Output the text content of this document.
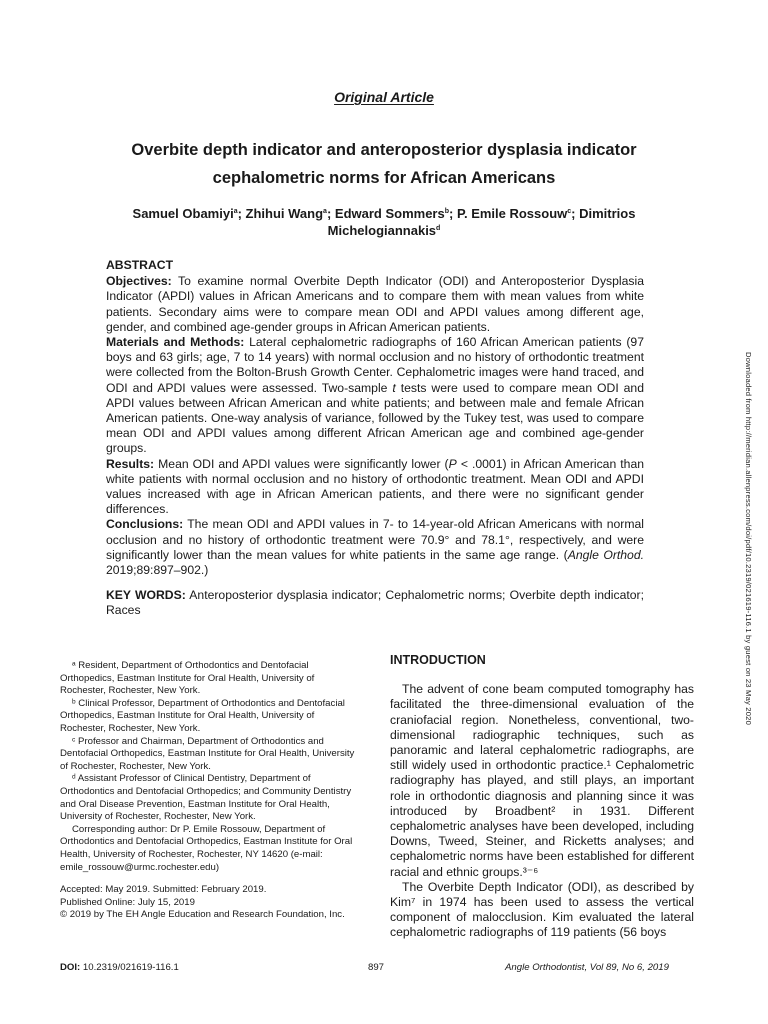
Original Article
Overbite depth indicator and anteroposterior dysplasia indicator
cephalometric norms for African Americans
Samuel Obamiyi$^a$; Zhihui Wang$^a$; Edward Sommers$^b$; P. Emile Rossouw$^c$; Dimitrios
Michelogiannakis$^d$

ABSTRACT

Objectives: To examine normal Overbite Depth Indicator (ODI) and Anteroposterior Dysplasia Indicator (APDI) values in African Americans and to compare them with mean values from white patients. Secondary aims were to compare mean ODI and APDI values among different age, gender, and combined age-gender groups in African American patients.

Materials and Methods: Lateral cephalometric radiographs of 160 African American patients (97 boys and 63 girls; age, 7 to 14 years) with normal occlusion and no history of orthodontic treatment were collected from the Bolton-Brush Growth Center. Cephalometric images were hand traced, and ODI and APDI values were assessed. Two-sample t tests were used to compare mean ODI and APDI values between African American and white patients; and between male and female African American patients. One-way analysis of variance, followed by the Tukey test, was used to compare mean ODI and APDI values among different African American age and combined age-gender groups.

Results: Mean ODI and APDI values were significantly lower (P < .0001) in African American than white patients with normal occlusion and no history of orthodontic treatment. Mean ODI and APDI values increased with age in African American patients, and there were no significant gender differences.

Conclusions: The mean ODI and APDI values in 7- to 14-year-old African Americans with normal occlusion and no history of orthodontic treatment were 70.9° and 78.1°, respectively, and were significantly lower than the mean values for white patients in the same age range. (Angle Orthod. 2019;89:897–902.)

KEY WORDS: Anteroposterior dysplasia indicator; Cephalometric norms; Overbite depth indicator; Races

ᵃ Resident, Department of Orthodontics and Dentofacial Orthopedics, Eastman Institute for Oral Health, University of Rochester, Rochester, New York.

ᵇ Clinical Professor, Department of Orthodontics and Dentofacial Orthopedics, Eastman Institute for Oral Health, University of Rochester, Rochester, New York.

ᶜ Professor and Chairman, Department of Orthodontics and Dentofacial Orthopedics, Eastman Institute for Oral Health, University of Rochester, Rochester, New York.

ᵈ Assistant Professor of Clinical Dentistry, Department of Orthodontics and Dentofacial Orthopedics; and Community Dentistry and Oral Disease Prevention, Eastman Institute for Oral Health, University of Rochester, Rochester, New York.

Corresponding author: Dr P. Emile Rossouw, Department of Orthodontics and Dentofacial Orthopedics, Eastman Institute for Oral Health, University of Rochester, Rochester, NY 14620 (e-mail: emile_rossouw@urmc.rochester.edu)

Accepted: May 2019. Submitted: February 2019.

Published Online: July 15, 2019

© 2019 by The EH Angle Education and Research Foundation, Inc.

INTRODUCTION

The advent of cone beam computed tomography has facilitated the three-dimensional evaluation of the craniofacial region. Nonetheless, conventional, two-dimensional radiographic techniques, such as panoramic and lateral cephalometric radiographs, are still widely used in orthodontic practice.¹ Cephalometric radiography has played, and still plays, an important role in orthodontic diagnosis and planning since it was introduced by Broadbent² in 1931. Different cephalometric analyses have been developed, including Downs, Tweed, Steiner, and Ricketts analyses; and cephalometric norms have been established for different racial and ethnic groups.³⁻⁶

The Overbite Depth Indicator (ODI), as described by Kim⁷ in 1974 has been used to assess the vertical component of malocclusion. Kim evaluated the lateral cephalometric radiographs of 119 patients (56 boys

Downloaded from http://meridian.allenpress.com/doi/pdf/10.2319/021619-116.1 by guest on 23 May 2020
DOI: 10.2319/021619-116.1	897	Angle Orthodontist, Vol 89, No 6, 2019
